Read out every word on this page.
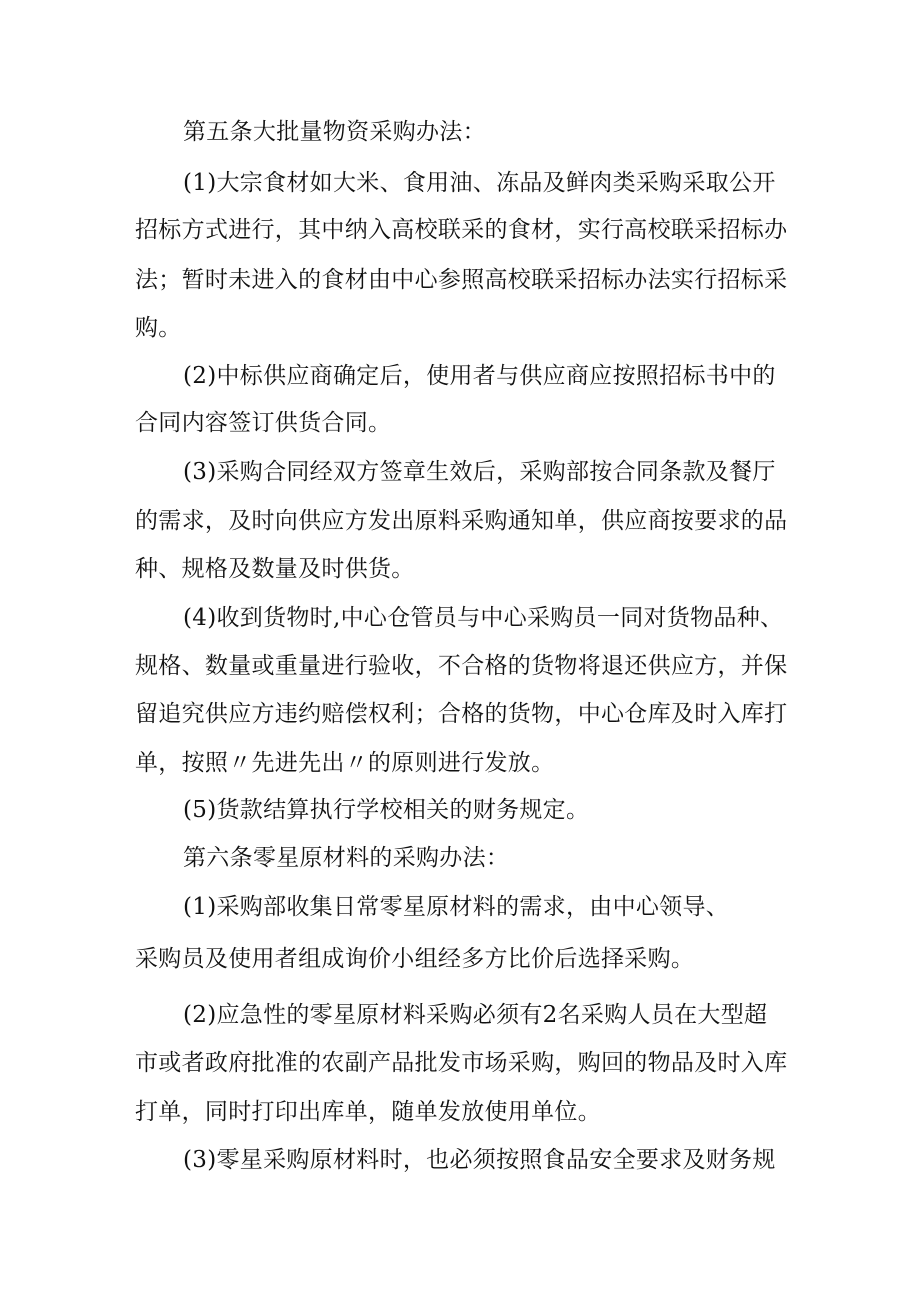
第五条大批量物资采购办法：
(1)大宗食材如大米、食用油、冻品及鲜肉类采购采取公开
招标方式进行，其中纳入高校联采的食材，实行高校联采招标办
法；暂时未进入的食材由中心参照高校联采招标办法实行招标采
购。
(2)中标供应商确定后，使用者与供应商应按照招标书中的
合同内容签订供货合同。
(3)采购合同经双方签章生效后，采购部按合同条款及餐厅
的需求，及时向供应方发出原料采购通知单，供应商按要求的品
种、规格及数量及时供货。
(4)收到货物时,中心仓管员与中心采购员一同对货物品种、
规格、数量或重量进行验收，不合格的货物将退还供应方，并保
留追究供应方违约赔偿权利；合格的货物，中心仓库及时入库打
单，按照〃先进先出〃的原则进行发放。
(5)货款结算执行学校相关的财务规定。
第六条零星原材料的采购办法：
(1)采购部收集日常零星原材料的需求，由中心领导、
采购员及使用者组成询价小组经多方比价后选择采购。
(2)应急性的零星原材料采购必须有2名采购人员在大型超
市或者政府批准的农副产品批发市场采购，购回的物品及时入库
打单，同时打印出库单，随单发放使用单位。
(3)零星采购原材料时，也必须按照食品安全要求及财务规
